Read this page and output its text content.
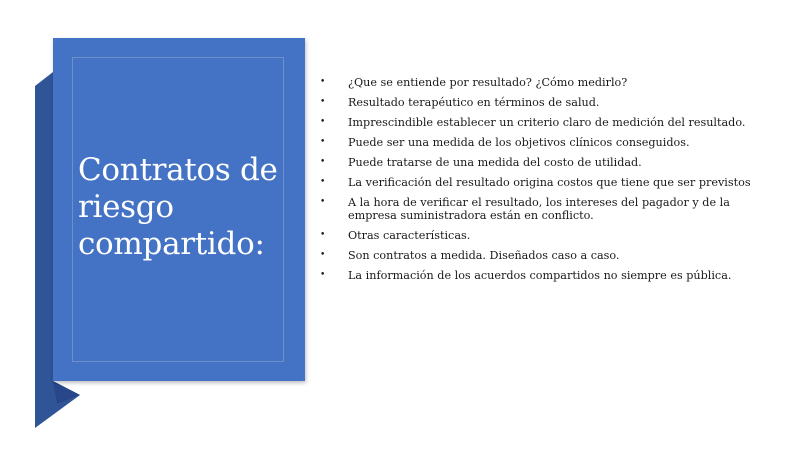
Contratos de riesgo compartido:
• ¿Que se entiende por resultado? ¿Cómo medirlo?
• Resultado terapéutico en términos de salud.
• Imprescindible establecer un criterio claro de medición del resultado.
• Puede ser una medida de los objetivos clínicos conseguidos.
• Puede tratarse de una medida del costo de utilidad.
• La verificación del resultado origina costos que tiene que ser previstos
• A la hora de verificar el resultado, los intereses del pagador y de la empresa suministradora están en conflicto.
• Otras características.
• Son contratos a medida. Diseñados caso a caso.
• La información de los acuerdos compartidos no siempre es pública.
